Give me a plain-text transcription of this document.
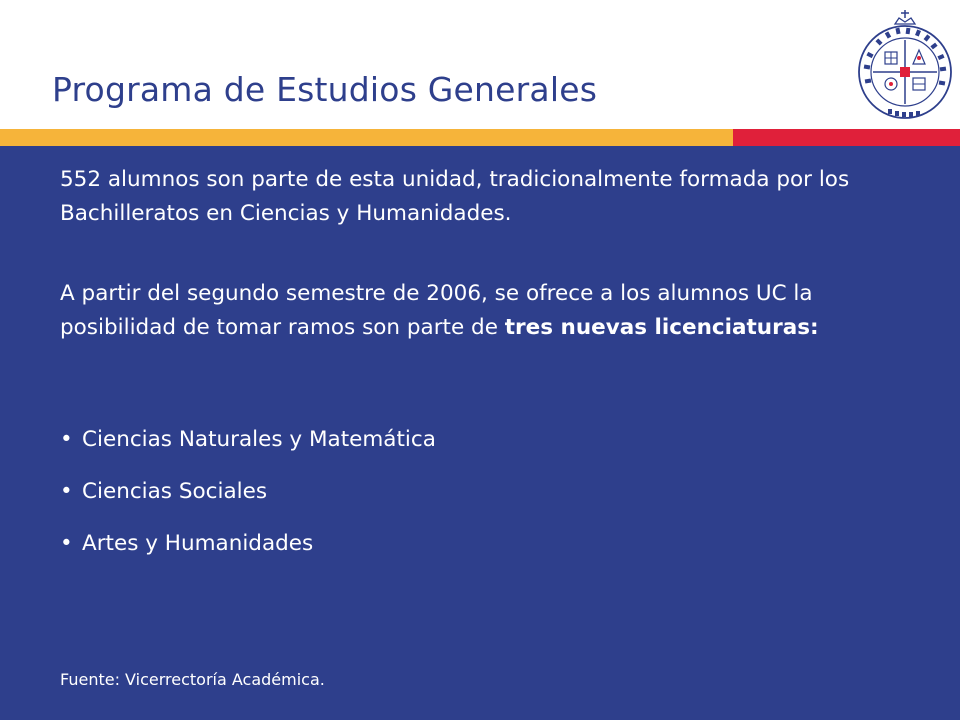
Programa de Estudios Generales

552 alumnos son parte de esta unidad, tradicionalmente formada por los Bachilleratos en Ciencias y Humanidades.

A partir del segundo semestre de 2006, se ofrece a los alumnos UC la posibilidad de tomar ramos son parte de tres nuevas licenciaturas:

• Ciencias Naturales y Matemática
• Ciencias Sociales
• Artes y Humanidades
Fuente: Vicerrectoría Académica.
